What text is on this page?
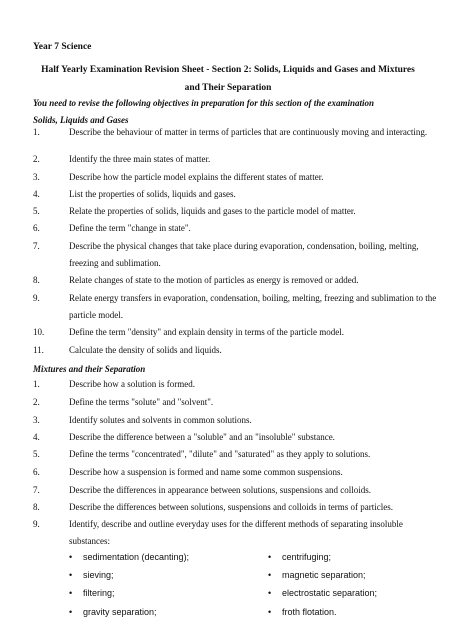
Year 7 Science
Half Yearly Examination Revision Sheet - Section 2: Solids, Liquids and Gases and Mixtures and Their Separation
You need to revise the following objectives in preparation for this section of the examination
Solids, Liquids and Gases
1.	Describe the behaviour of matter in terms of particles that are continuously moving and interacting.
2.	Identify the three main states of matter.
3.	Describe how the particle model explains the different states of matter.
4.	List the properties of solids, liquids and gases.
5.	Relate the properties of solids, liquids and gases to the particle model of matter.
6.	Define the term "change in state".
7.	Describe the physical changes that take place during evaporation, condensation, boiling, melting, freezing and sublimation.
8.	Relate changes of state to the motion of particles as energy is removed or added.
9.	Relate energy transfers in evaporation, condensation, boiling, melting, freezing and sublimation to the particle model.
10.	Define the term "density" and explain density in terms of the particle model.
11.	Calculate the density of solids and liquids.
Mixtures and their Separation
1.	Describe how a solution is formed.
2.	Define the terms "solute" and "solvent".
3.	Identify solutes and solvents in common solutions.
4.	Describe the difference between a "soluble" and an "insoluble" substance.
5.	Define the terms "concentrated", "dilute" and "saturated" as they apply to solutions.
6.	Describe how a suspension is formed and name some common suspensions.
7.	Describe the differences in appearance between solutions, suspensions and colloids.
8.	Describe the differences between solutions, suspensions and colloids in terms of particles.
9.	Identify, describe and outline everyday uses for the different methods of separating insoluble substances:
• sedimentation (decanting);	• centrifuging;
• sieving;	• magnetic separation;
• filtering;	• electrostatic separation;
• gravity separation;	• froth flotation.
